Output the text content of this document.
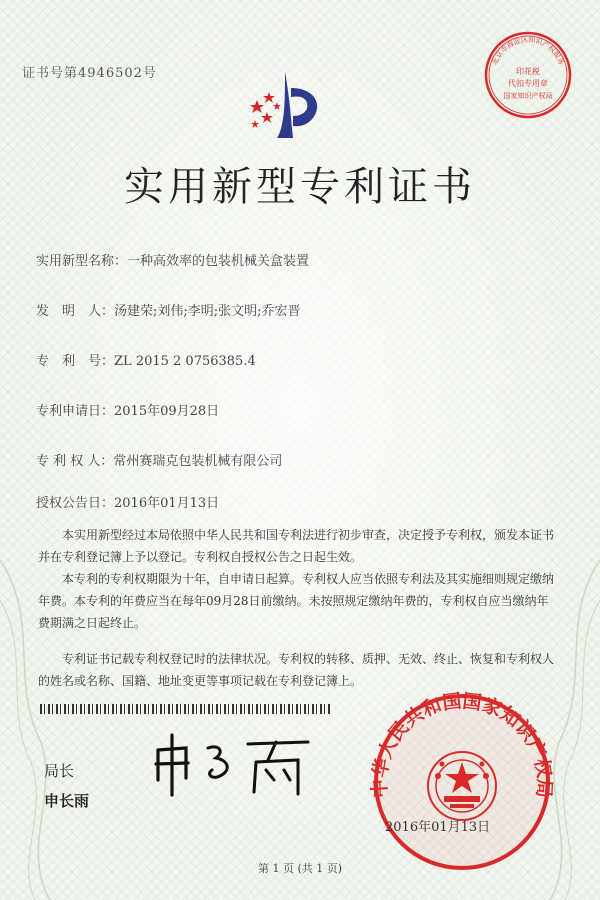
证书号第4946502号
北京市海淀区知识产权服务
印花税
代扣专用章
国家知识产权局
实用新型专利证书
实用新型名称：一种高效率的包装机械关盒装置
发　明　人：汤建荣;刘伟;李明;张文明;乔宏晋
专　利　号：ZL 2015 2 0756385.4
专利申请日：2015年09月28日
专 利 权 人：常州赛瑞克包装机械有限公司
授权公告日：2016年01月13日

本实用新型经过本局依照中华人民共和国专利法进行初步审查，决定授予专利权，颁发本证书并在专利登记簿上予以登记。专利权自授权公告之日起生效。

本专利的专利权期限为十年，自申请日起算。专利权人应当依照专利法及其实施细则规定缴纳年费。本专利的年费应当在每年09月28日前缴纳。未按照规定缴纳年费的，专利权自应当缴纳年费期满之日起终止。

专利证书记载专利权登记时的法律状况。专利权的转移、质押、无效、终止、恢复和专利权人的姓名或名称、国籍、地址变更等事项记载在专利登记簿上。

局长
申长雨
中华人民共和国国家知识产权局
2016年01月13日
第 1 页 (共 1 页)
